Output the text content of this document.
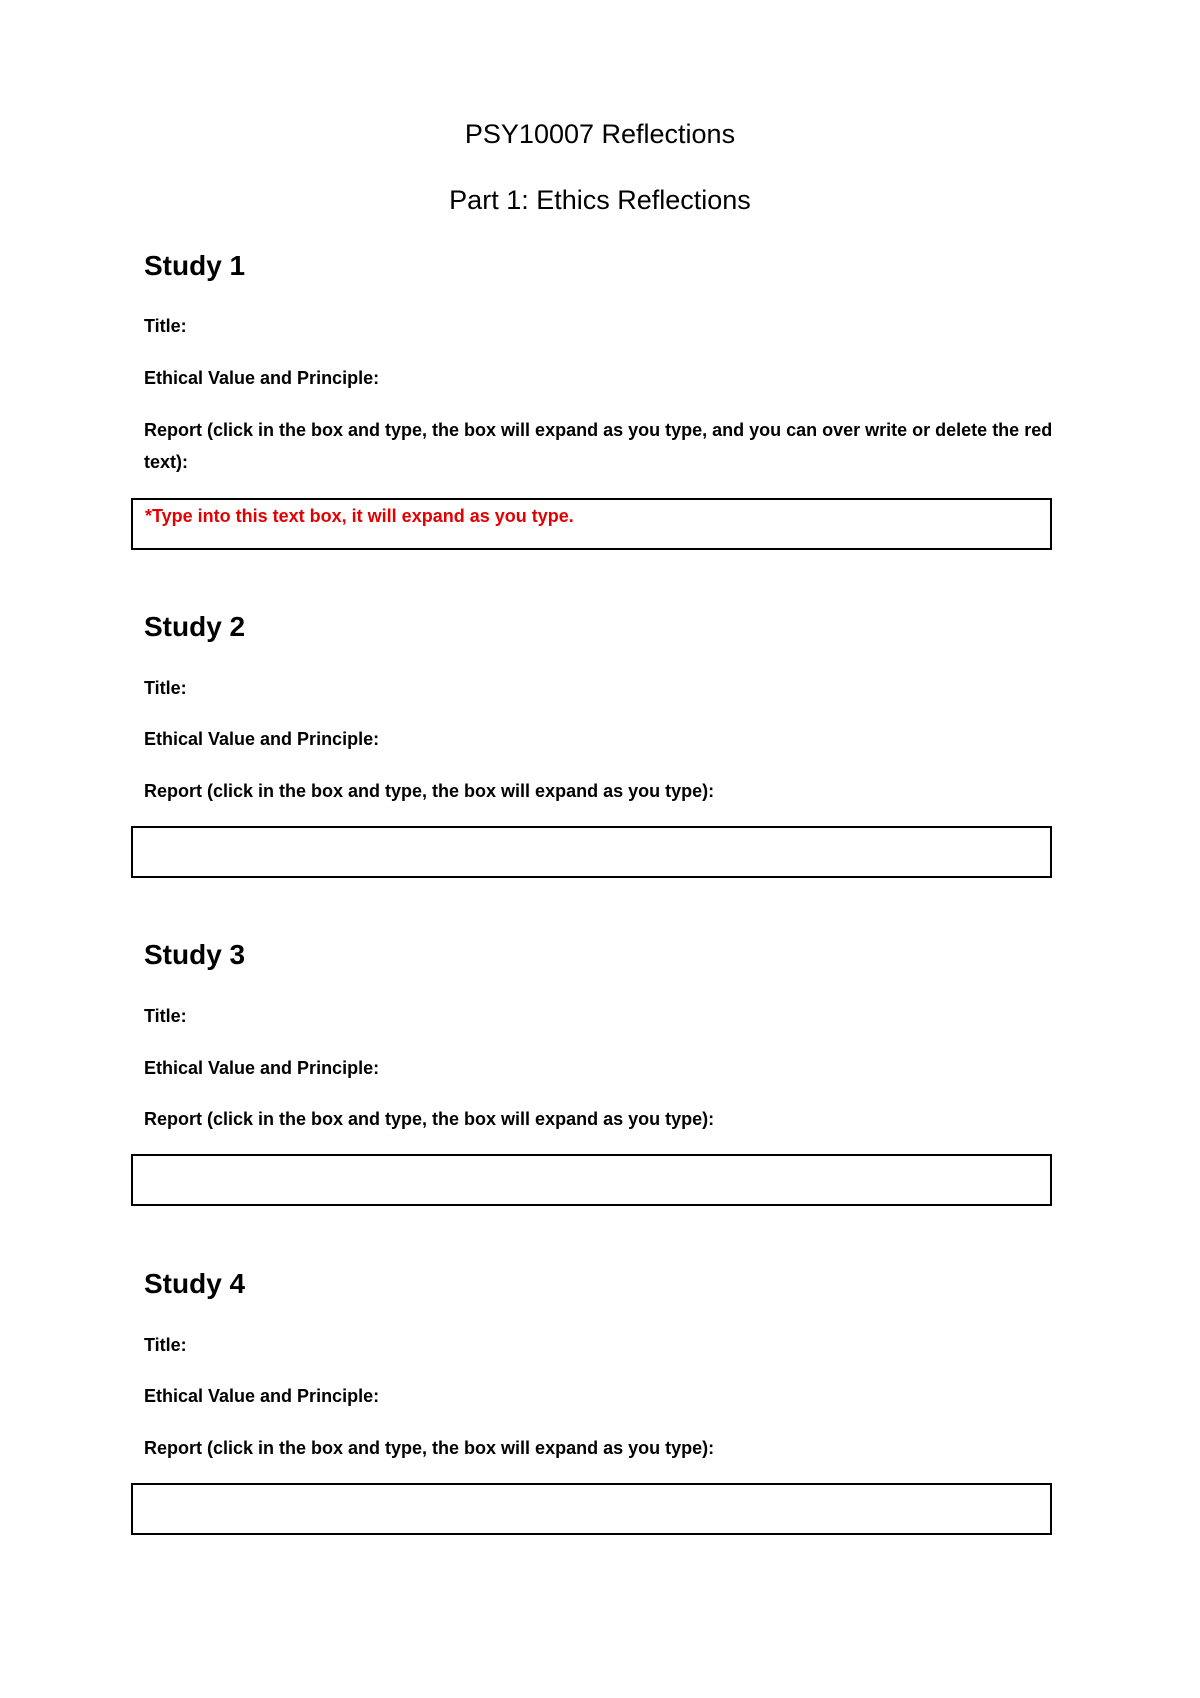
PSY10007 Reflections
Part 1: Ethics Reflections
Study 1
Title:
Ethical Value and Principle:
Report (click in the box and type, the box will expand as you type, and you can over write or delete the red text):
*Type into this text box, it will expand as you type.
Study 2
Title:
Ethical Value and Principle:
Report (click in the box and type, the box will expand as you type):
Study 3
Title:
Ethical Value and Principle:
Report (click in the box and type, the box will expand as you type):
Study 4
Title:
Ethical Value and Principle:
Report (click in the box and type, the box will expand as you type):
